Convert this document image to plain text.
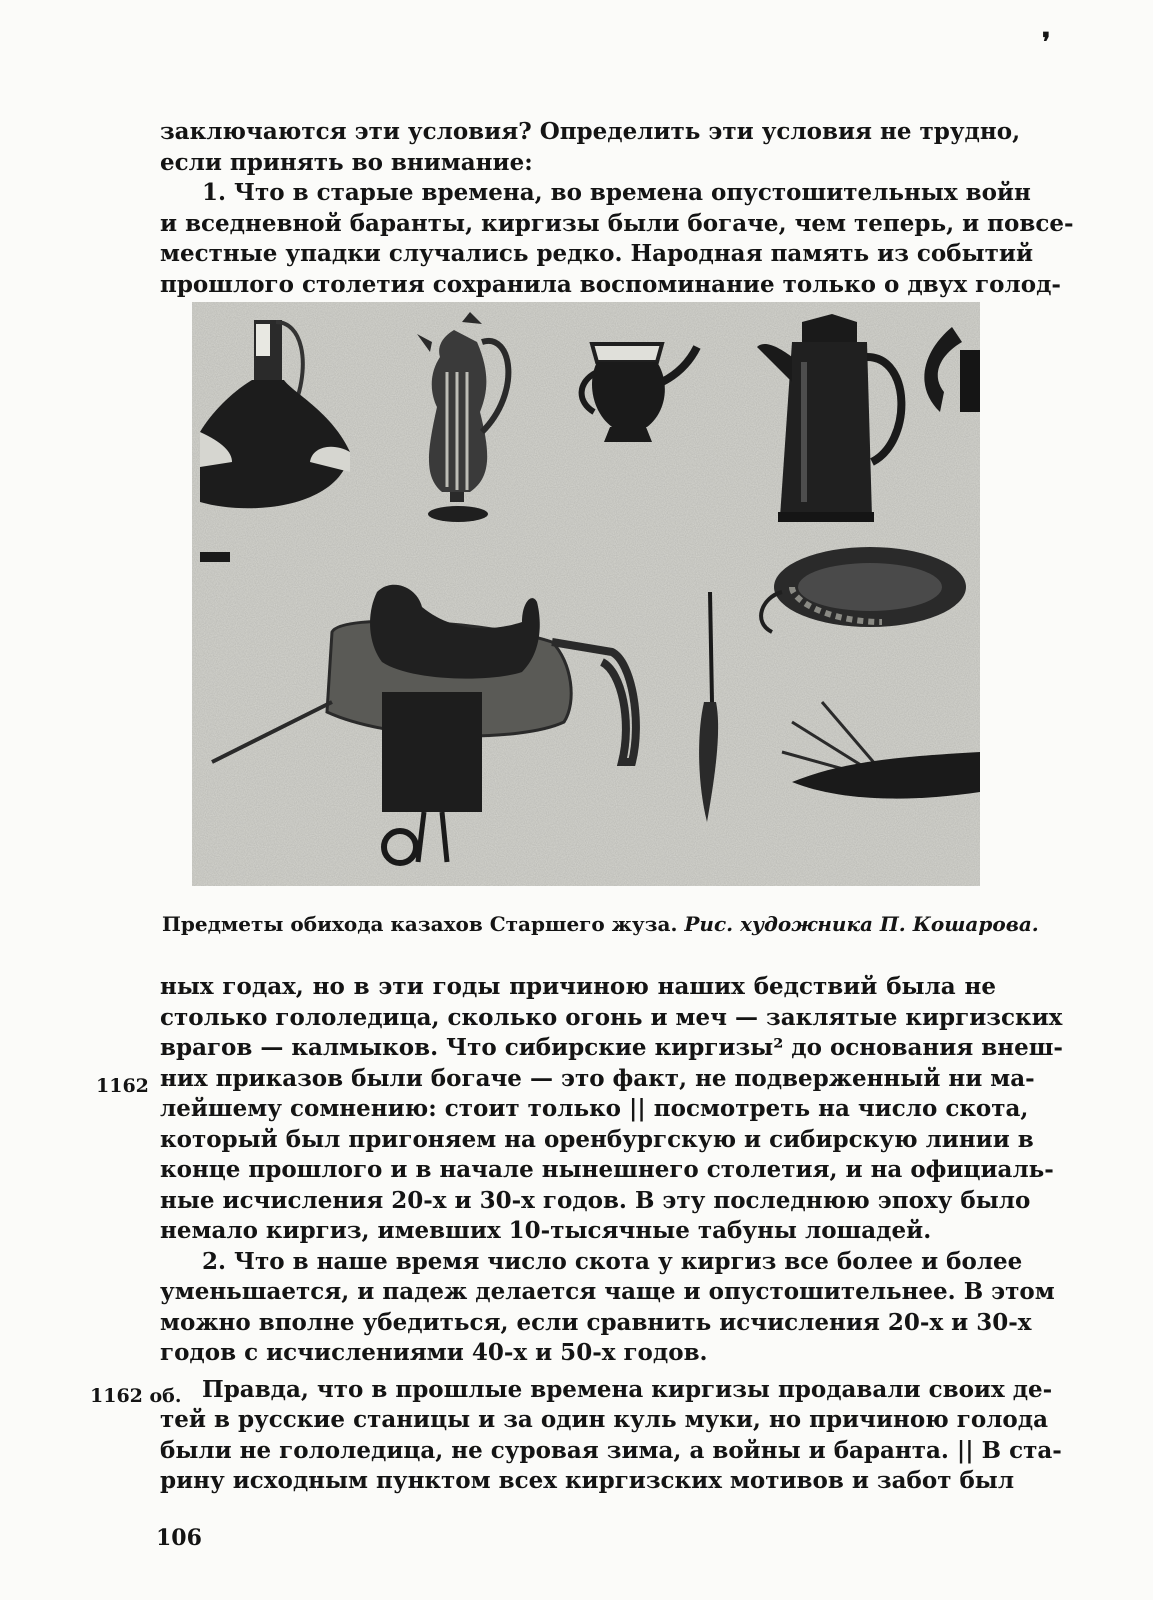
❜
заключаются эти условия? Определить эти условия не трудно,
если принять во внимание:
1. Что в старые времена, во времена опустошительных войн
и вседневной баранты, киргизы были богаче, чем теперь, и повсе-
местные упадки случались редко. Народная память из событий
прошлого столетия сохранила воспоминание только о двух голод-
Предметы обихода казахов Старшего жуза. Рис. художника П. Кошарова.
ных годах, но в эти годы причиною наших бедствий была не
столько гололедица, сколько огонь и меч — заклятые киргизских
врагов — калмыков. Что сибирские киргизы² до основания внеш-
них приказов были богаче — это факт, не подверженный ни ма-
лейшему сомнению: стоит только || посмотреть на число скота,
который был пригоняем на оренбургскую и сибирскую линии в
конце прошлого и в начале нынешнего столетия, и на официаль-
ные исчисления 20-х и 30-х годов. В эту последнюю эпоху было
немало киргиз, имевших 10-тысячные табуны лошадей.
2. Что в наше время число скота у киргиз все более и более
уменьшается, и падеж делается чаще и опустошительнее. В этом
можно вполне убедиться, если сравнить исчисления 20-х и 30-х
годов с исчислениями 40-х и 50-х годов.
Правда, что в прошлые времена киргизы продавали своих де-
тей в русские станицы и за один куль муки, но причиною голода
были не гололедица, не суровая зима, а войны и баранта. || В ста-
рину исходным пунктом всех киргизских мотивов и забот был
1162
1162 об.
106
